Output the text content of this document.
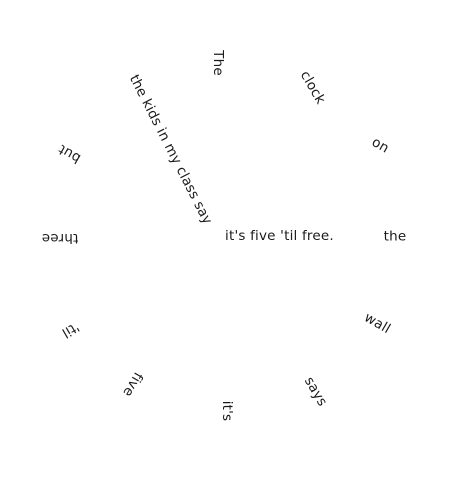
The
clock
on
the
wall
says
it's
five
'til
three
but	the kids in my class say
it's five 'til free.
